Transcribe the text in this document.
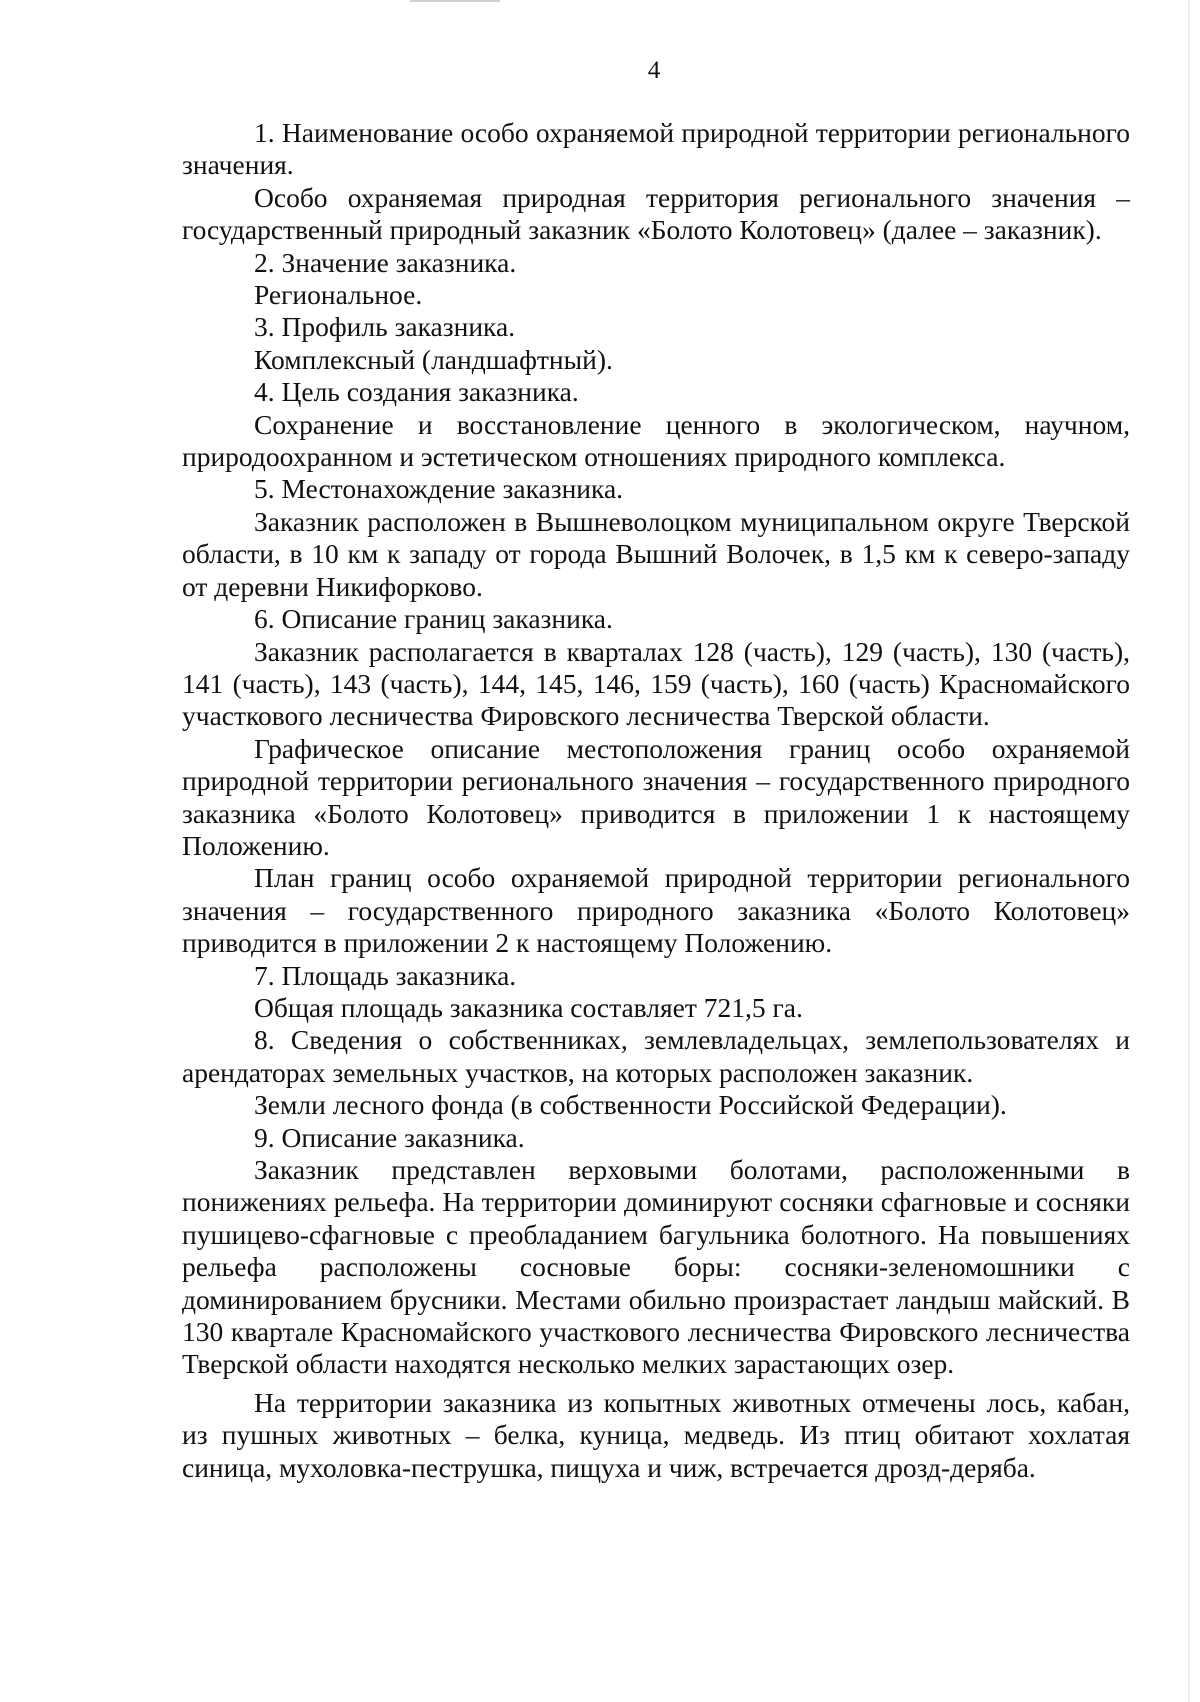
4

1. Наименование особо охраняемой природной территории регионального значения.

Особо охраняемая природная территория регионального значения – государственный природный заказник «Болото Колотовец» (далее – заказник).

2. Значение заказника.

Региональное.

3. Профиль заказника.

Комплексный (ландшафтный).

4. Цель создания заказника.

Сохранение и восстановление ценного в экологическом, научном, природоохранном и эстетическом отношениях природного комплекса.

5. Местонахождение заказника.

Заказник расположен в Вышневолоцком муниципальном округе Тверской области, в 10 км к западу от города Вышний Волочек, в 1,5 км к северо-западу от деревни Никифорково.

6. Описание границ заказника.

Заказник располагается в кварталах 128 (часть), 129 (часть), 130 (часть), 141 (часть), 143 (часть), 144, 145, 146, 159 (часть), 160 (часть) Красномайского участкового лесничества Фировского лесничества Тверской области.

Графическое описание местоположения границ особо охраняемой природной территории регионального значения – государственного природного заказника «Болото Колотовец» приводится в приложении 1 к настоящему Положению.

План границ особо охраняемой природной территории регионального значения – государственного природного заказника «Болото Колотовец» приводится в приложении 2 к настоящему Положению.

7. Площадь заказника.

Общая площадь заказника составляет 721,5 га.

8. Сведения о собственниках, землевладельцах, землепользователях и арендаторах земельных участков, на которых расположен заказник.

Земли лесного фонда (в собственности Российской Федерации).

9. Описание заказника.

Заказник представлен верховыми болотами, расположенными в понижениях рельефа. На территории доминируют сосняки сфагновые и сосняки пушицево-сфагновые с преобладанием багульника болотного. На повышениях рельефа расположены сосновые боры: сосняки-зеленомошники с доминированием брусники. Местами обильно произрастает ландыш майский. В 130 квартале Красномайского участкового лесничества Фировского лесничества Тверской области находятся несколько мелких зарастающих озер.

На территории заказника из копытных животных отмечены лось, кабан, из пушных животных – белка, куница, медведь. Из птиц обитают хохлатая синица, мухоловка-пеструшка, пищуха и чиж, встречается дрозд-деряба.
